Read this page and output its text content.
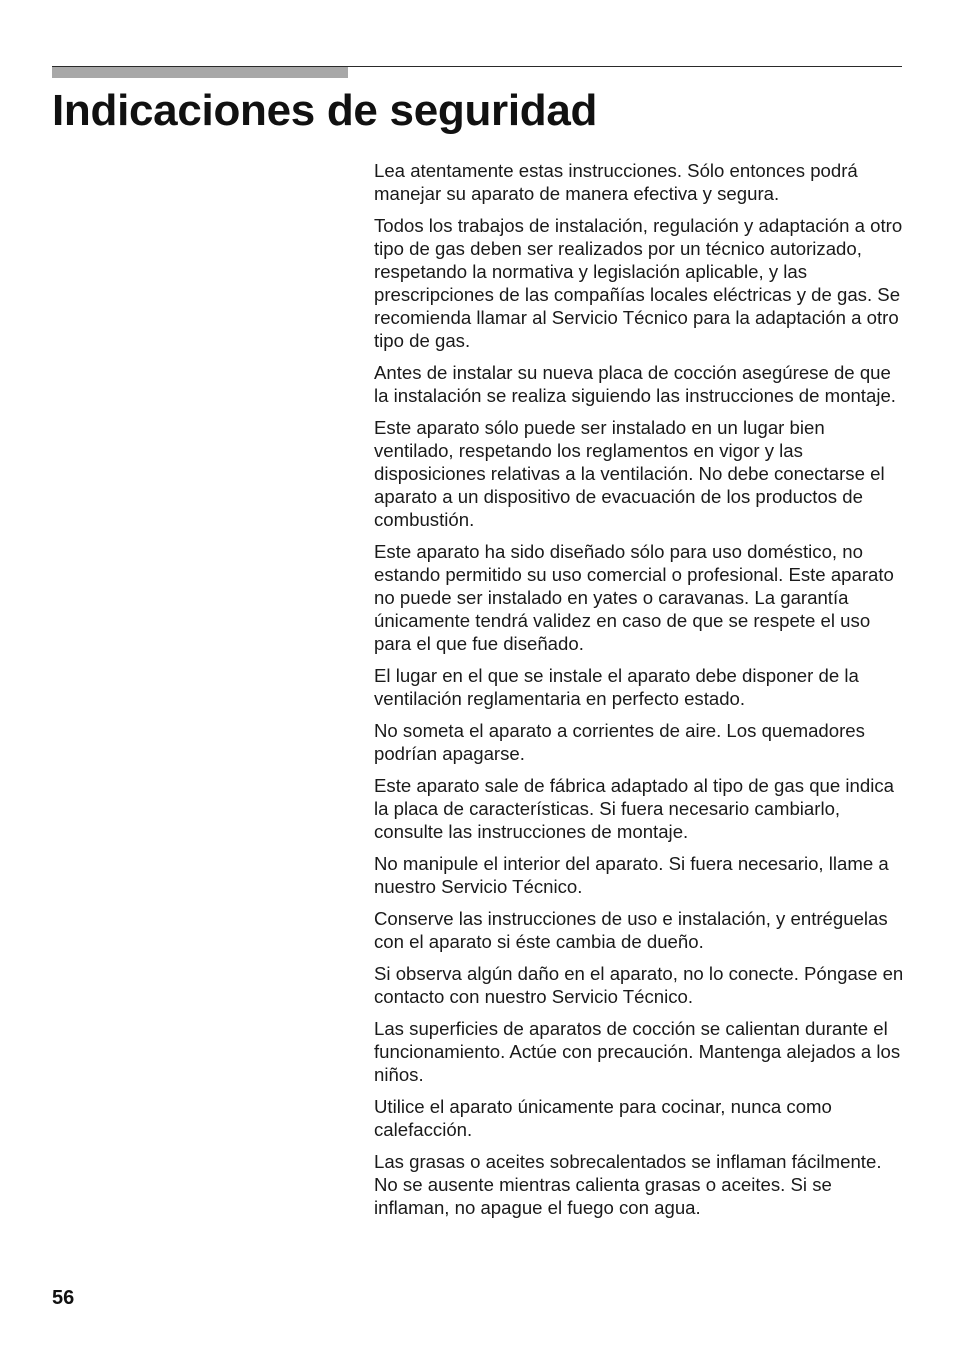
Indicaciones de seguridad

Lea atentamente estas instrucciones. Sólo entonces podrá manejar su aparato de manera efectiva y segura.

Todos los trabajos de instalación, regulación y adaptación a otro tipo de gas deben ser realizados por un técnico autorizado, respetando la normativa y legislación aplicable, y las prescripciones de las compañías locales eléctricas y de gas. Se recomienda llamar al Servicio Técnico para la adaptación a otro tipo de gas.

Antes de instalar su nueva placa de cocción asegúrese de que la instalación se realiza siguiendo las instrucciones de montaje.

Este aparato sólo puede ser instalado en un lugar bien ventilado, respetando los reglamentos en vigor y las disposiciones relativas a la ventilación. No debe conectarse el aparato a un dispositivo de evacuación de los productos de combustión.

Este aparato ha sido diseñado sólo para uso doméstico, no estando permitido su uso comercial o profesional. Este aparato no puede ser instalado en yates o caravanas. La garantía únicamente tendrá validez en caso de que se respete el uso para el que fue diseñado.

El lugar en el que se instale el aparato debe disponer de la ventilación reglamentaria en perfecto estado.

No someta el aparato a corrientes de aire. Los quemadores podrían apagarse.

Este aparato sale de fábrica adaptado al tipo de gas que indica la placa de características. Si fuera necesario cambiarlo, consulte las instrucciones de montaje.

No manipule el interior del aparato. Si fuera necesario, llame a nuestro Servicio Técnico.

Conserve las instrucciones de uso e instalación, y entréguelas con el aparato si éste cambia de dueño.

Si observa algún daño en el aparato, no lo conecte. Póngase en contacto con nuestro Servicio Técnico.

Las superficies de aparatos de cocción se calientan durante el funcionamiento. Actúe con precaución. Mantenga alejados a los niños.

Utilice el aparato únicamente para cocinar, nunca como calefacción.

Las grasas o aceites sobrecalentados se inflaman fácilmente. No se ausente mientras calienta grasas o aceites. Si se inflaman, no apague el fuego con agua.

56
